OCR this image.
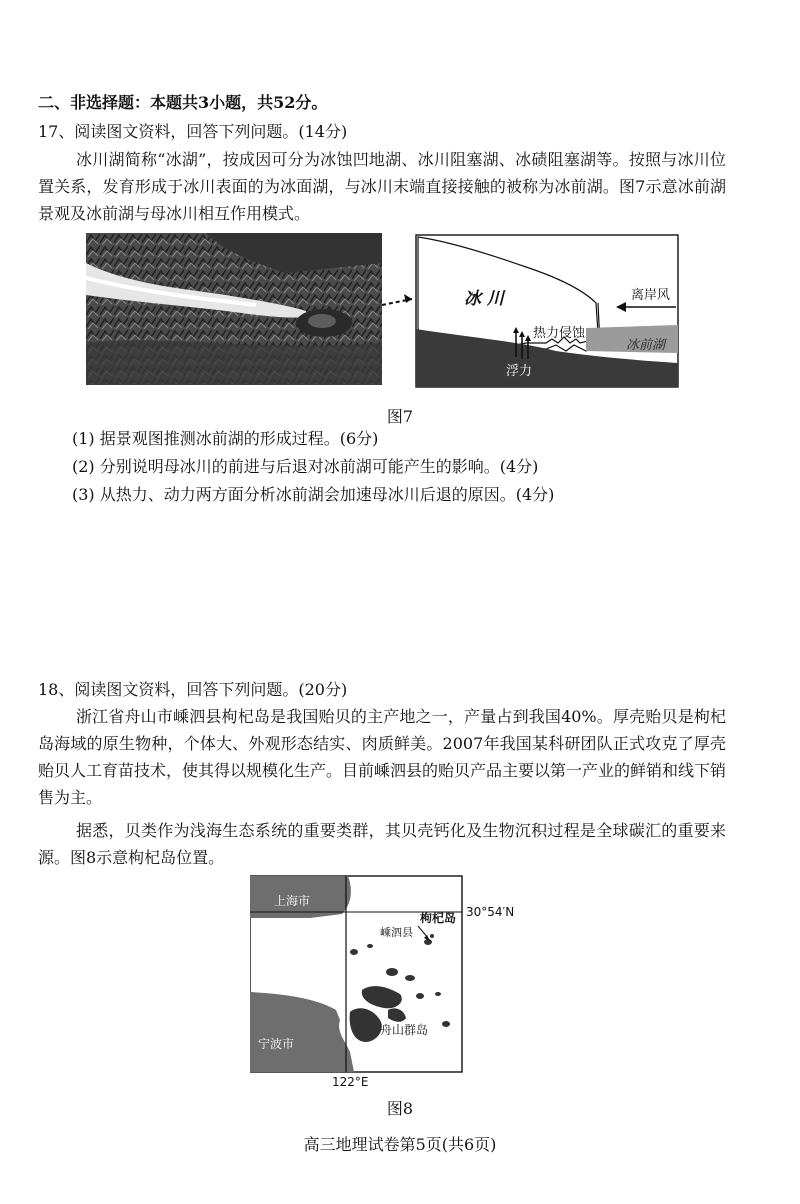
二、非选择题：本题共3小题，共52分。
17、阅读图文资料，回答下列问题。(14分)
冰川湖简称“冰湖”，按成因可分为冰蚀凹地湖、冰川阻塞湖、冰碛阻塞湖等。按照与冰川位置关系，发育形成于冰川表面的为冰面湖，与冰川末端直接接触的被称为冰前湖。图7示意冰前湖景观及冰前湖与母冰川相互作用模式。
冰 川	离岸风
热力侵蚀
冰前湖
浮力
图7
(1) 据景观图推测冰前湖的形成过程。(6分)
(2) 分别说明母冰川的前进与后退对冰前湖可能产生的影响。(4分)
(3) 从热力、动力两方面分析冰前湖会加速母冰川后退的原因。(4分)
18、阅读图文资料，回答下列问题。(20分)
浙江省舟山市嵊泗县枸杞岛是我国贻贝的主产地之一，产量占到我国40%。厚壳贻贝是枸杞岛海域的原生物种，个体大、外观形态结实、肉质鲜美。2007年我国某科研团队正式攻克了厚壳贻贝人工育苗技术，使其得以规模化生产。目前嵊泗县的贻贝产品主要以第一产业的鲜销和线下销售为主。
据悉，贝类作为浅海生态系统的重要类群，其贝壳钙化及生物沉积过程是全球碳汇的重要来源。图8示意枸杞岛位置。
上海市
30°54′N
枸杞岛
嵊泗县
舟山群岛
宁波市
122°E
图8
高三地理试卷第5页(共6页)
